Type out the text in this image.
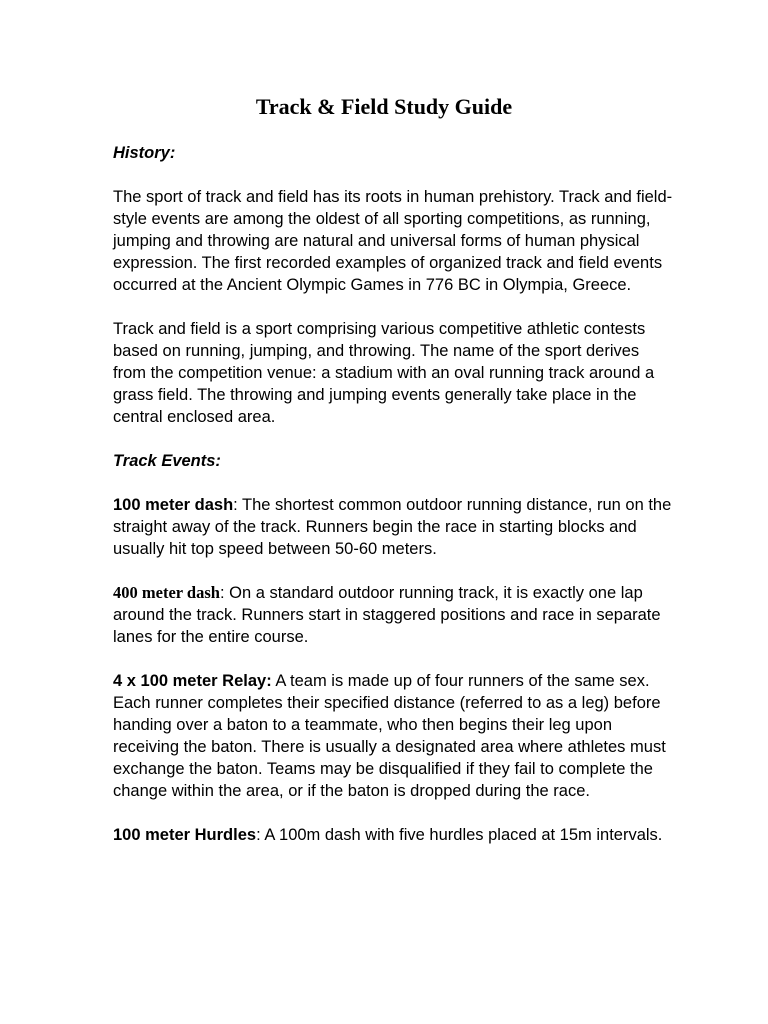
Track & Field Study Guide

History:

The sport of track and field has its roots in human prehistory. Track and field-style events are among the oldest of all sporting competitions, as running, jumping and throwing are natural and universal forms of human physical expression. The first recorded examples of organized track and field events occurred at the Ancient Olympic Games in 776 BC in Olympia, Greece.

Track and field is a sport comprising various competitive athletic contests based on running, jumping, and throwing. The name of the sport derives from the competition venue: a stadium with an oval running track around a grass field. The throwing and jumping events generally take place in the central enclosed area.

Track Events:

100 meter dash: The shortest common outdoor running distance, run on the straight away of the track. Runners begin the race in starting blocks and usually hit top speed between 50-60 meters.

400 meter dash: On a standard outdoor running track, it is exactly one lap around the track. Runners start in staggered positions and race in separate lanes for the entire course.

4 x 100 meter Relay: A team is made up of four runners of the same sex. Each runner completes their specified distance (referred to as a leg) before handing over a baton to a teammate, who then begins their leg upon receiving the baton. There is usually a designated area where athletes must exchange the baton. Teams may be disqualified if they fail to complete the change within the area, or if the baton is dropped during the race.

100 meter Hurdles: A 100m dash with five hurdles placed at 15m intervals.
